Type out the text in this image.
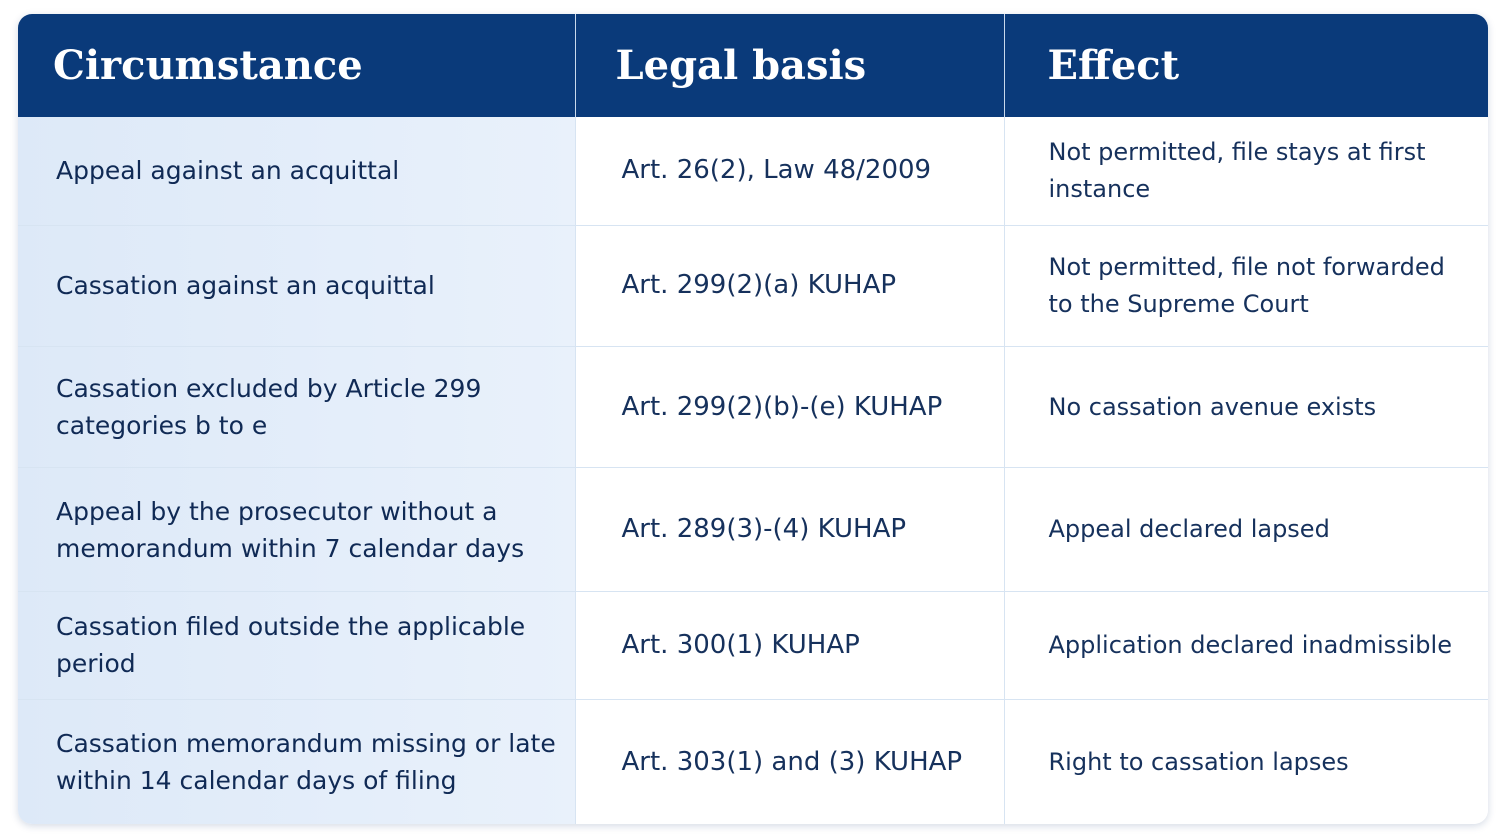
Circumstance	Legal basis	Effect
Appeal against an acquittal	Art. 26(2), Law 48/2009	Not permitted, file stays at first instance
Cassation against an acquittal	Art. 299(2)(a) KUHAP	Not permitted, file not forwarded to the Supreme Court
Cassation excluded by Article 299 categories b to e	Art. 299(2)(b)-(e) KUHAP	No cassation avenue exists
Appeal by the prosecutor without a memorandum within 7 calendar days	Art. 289(3)-(4) KUHAP	Appeal declared lapsed
Cassation filed outside the applicable period	Art. 300(1) KUHAP	Application declared inadmissible
Cassation memorandum missing or late within 14 calendar days of filing	Art. 303(1) and (3) KUHAP	Right to cassation lapses
